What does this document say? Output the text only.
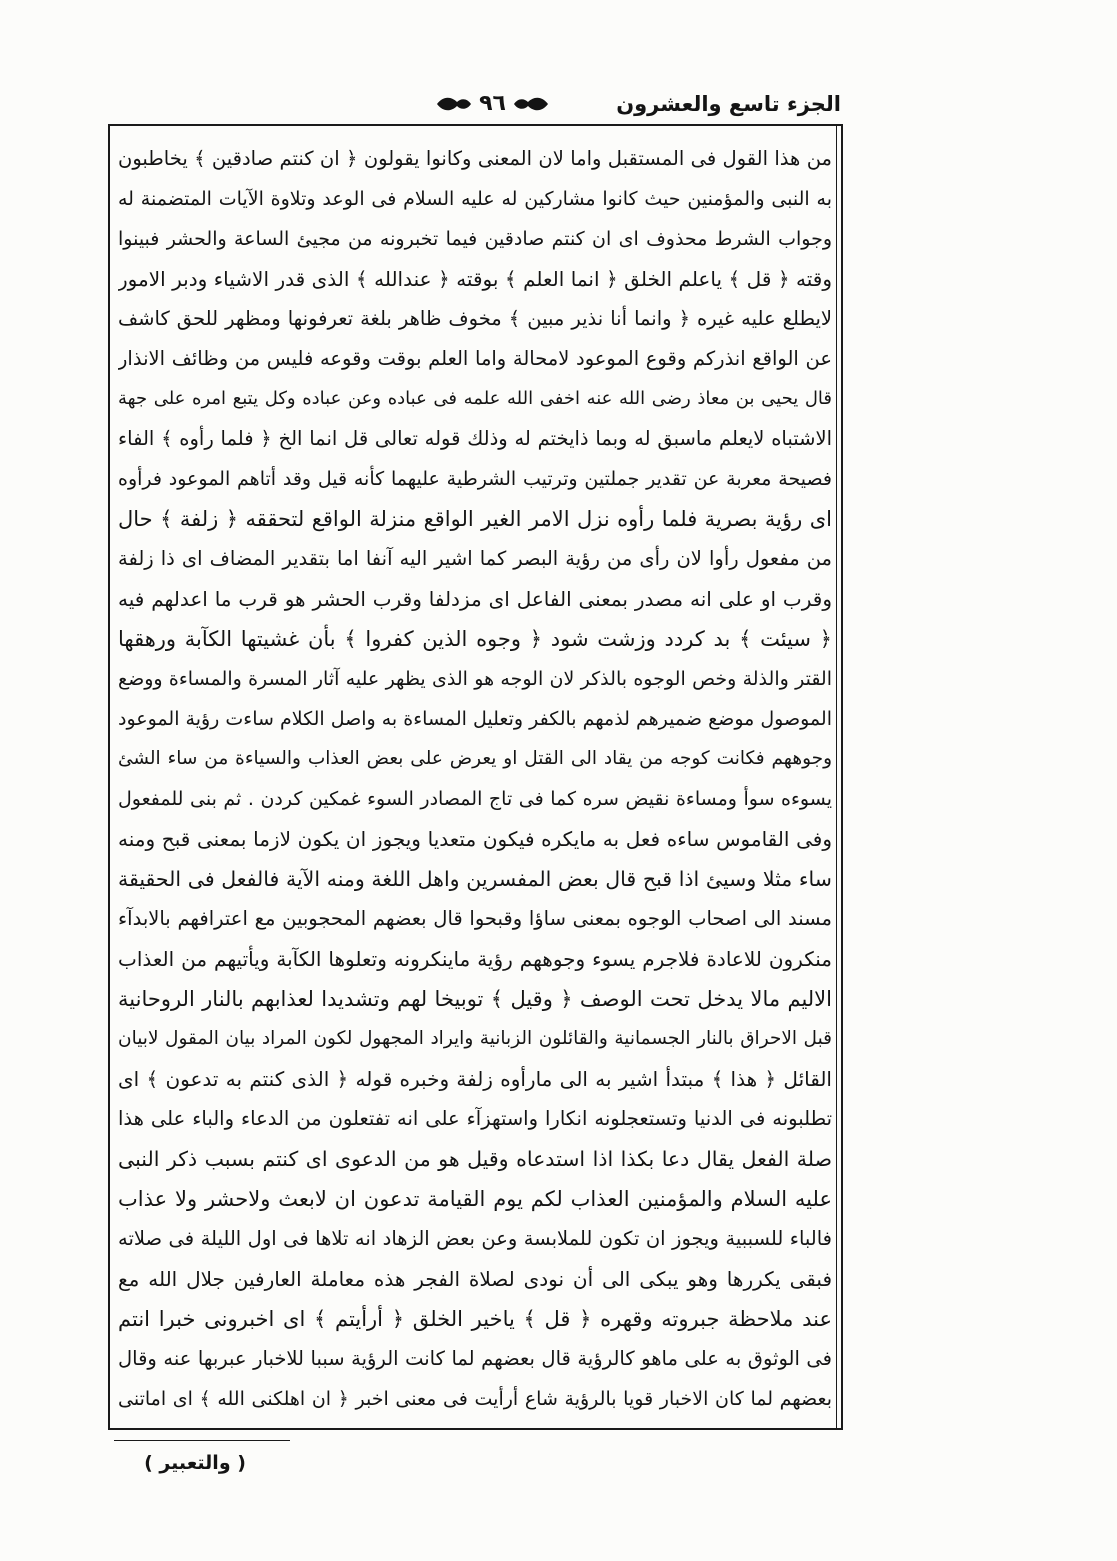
الجزء تاسع والعشرون
٩٦
من هذا القول فى المستقبل واما لان المعنى وكانوا يقولون ﴿ ان كنتم صادقين ﴾ يخاطبون
به النبى والمؤمنين حيث كانوا مشاركين له عليه السلام فى الوعد وتلاوة الآيات المتضمنة له
وجواب الشرط محذوف اى ان كنتم صادقين فيما تخبرونه من مجيئ الساعة والحشر فبينوا
وقته ﴿ قل ﴾ ياعلم الخلق ﴿ انما العلم ﴾ بوقته ﴿ عندالله ﴾ الذى قدر الاشياء ودبر الامور
لايطلع عليه غيره ﴿ وانما أنا نذير مبين ﴾ مخوف ظاهر بلغة تعرفونها ومظهر للحق كاشف
عن الواقع انذركم وقوع الموعود لامحالة واما العلم بوقت وقوعه فليس من وظائف الانذار
قال يحيى بن معاذ رضى الله عنه اخفى الله علمه فى عباده وعن عباده وكل يتبع امره على جهة
الاشتباه لايعلم ماسبق له وبما ذايختم له وذلك قوله تعالى قل انما الخ ﴿ فلما رأوه ﴾ الفاء
فصيحة معربة عن تقدير جملتين وترتيب الشرطية عليهما كأنه قيل وقد أتاهم الموعود فرأوه
اى رؤية بصرية فلما رأوه نزل الامر الغير الواقع منزلة الواقع لتحققه ﴿ زلفة ﴾ حال
من مفعول رأوا لان رأى من رؤية البصر كما اشير اليه آنفا اما بتقدير المضاف اى ذا زلفة
وقرب او على انه مصدر بمعنى الفاعل اى مزدلفا وقرب الحشر هو قرب ما اعدلهم فيه
﴿ سيئت ﴾ بد كردد وزشت شود ﴿ وجوه الذين كفروا ﴾ بأن غشيتها الكآبة ورهقها
القتر والذلة وخص الوجوه بالذكر لان الوجه هو الذى يظهر عليه آثار المسرة والمساءة ووضع
الموصول موضع ضميرهم لذمهم بالكفر وتعليل المساءة به واصل الكلام ساءت رؤية الموعود
وجوههم فكانت كوجه من يقاد الى القتل او يعرض على بعض العذاب والسياءة من ساء الشئ
يسوءه سوأ ومساءة نقيض سره كما فى تاج المصادر السوء غمكين كردن . ثم بنى للمفعول
وفى القاموس ساءه فعل به مايكره فيكون متعديا ويجوز ان يكون لازما بمعنى قبح ومنه
ساء مثلا وسيئ اذا قبح قال بعض المفسرين واهل اللغة ومنه الآية فالفعل فى الحقيقة
مسند الى اصحاب الوجوه بمعنى ساؤا وقبحوا قال بعضهم المحجوبين مع اعترافهم بالابدآء
منكرون للاعادة فلاجرم يسوء وجوههم رؤية ماينكرونه وتعلوها الكآبة ويأتيهم من العذاب
الاليم مالا يدخل تحت الوصف ﴿ وقيل ﴾ توبيخا لهم وتشديدا لعذابهم بالنار الروحانية
قبل الاحراق بالنار الجسمانية والقائلون الزبانية وايراد المجهول لكون المراد بيان المقول لابيان
القائل ﴿ هذا ﴾ مبتدأ اشير به الى مارأوه زلفة وخبره قوله ﴿ الذى كنتم به تدعون ﴾ اى
تطلبونه فى الدنيا وتستعجلونه انكارا واستهزآء على انه تفتعلون من الدعاء والباء على هذا
صلة الفعل يقال دعا بكذا اذا استدعاه وقيل هو من الدعوى اى كنتم بسبب ذكر النبى
عليه السلام والمؤمنين العذاب لكم يوم القيامة تدعون ان لابعث ولاحشر ولا عذاب
فالباء للسببية ويجوز ان تكون للملابسة وعن بعض الزهاد انه تلاها فى اول الليلة فى صلاته
فبقى يكررها وهو يبكى الى أن نودى لصلاة الفجر هذه معاملة العارفين جلال الله مع
عند ملاحظة جبروته وقهره ﴿ قل ﴾ ياخير الخلق ﴿ أرأيتم ﴾ اى اخبرونى خبرا انتم
فى الوثوق به على ماهو كالرؤية قال بعضهم لما كانت الرؤية سببا للاخبار عبربها عنه وقال
بعضهم لما كان الاخبار قويا بالرؤية شاع أرأيت فى معنى اخبر ﴿ ان اهلكنى الله ﴾ اى اماتنى
( والتعبير )
